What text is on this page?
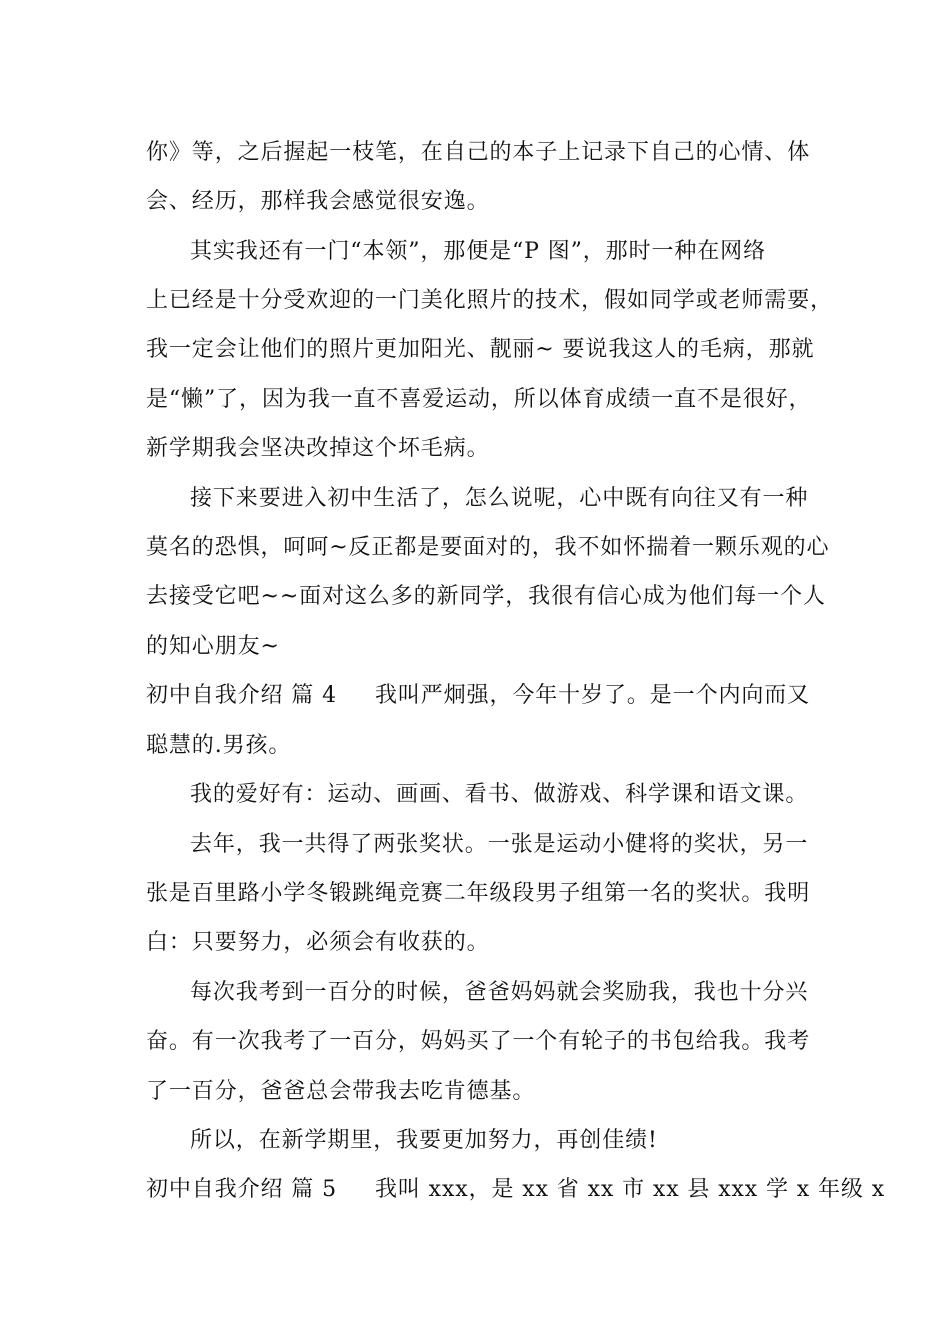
你》等，之后握起一枝笔，在自己的本子上记录下自己的心情、体
会、经历，那样我会感觉很安逸。
其实我还有一门“本领”，那便是“P 图”，那时一种在网络
上已经是十分受欢迎的一门美化照片的技术，假如同学或老师需要，
我一定会让他们的照片更加阳光、靓丽~ 要说我这人的毛病，那就
是“懒”了，因为我一直不喜爱运动，所以体育成绩一直不是很好，
新学期我会坚决改掉这个坏毛病。
接下来要进入初中生活了，怎么说呢，心中既有向往又有一种
莫名的恐惧，呵呵~反正都是要面对的，我不如怀揣着一颗乐观的心
去接受它吧~~面对这么多的新同学，我很有信心成为他们每一个人
的知心朋友~
初中自我介绍 篇 4 我叫严炯强，今年十岁了。是一个内向而又
聪慧的.男孩。
我的爱好有：运动、画画、看书、做游戏、科学课和语文课。
去年，我一共得了两张奖状。一张是运动小健将的奖状，另一
张是百里路小学冬锻跳绳竞赛二年级段男子组第一名的奖状。我明
白：只要努力，必须会有收获的。
每次我考到一百分的时候，爸爸妈妈就会奖励我，我也十分兴
奋。有一次我考了一百分，妈妈买了一个有轮子的书包给我。我考
了一百分，爸爸总会带我去吃肯德基。
所以，在新学期里，我要更加努力，再创佳绩!
初中自我介绍 篇 5 我叫 xxx，是 xx 省 xx 市 xx 县 xxx 学 x 年级 x
